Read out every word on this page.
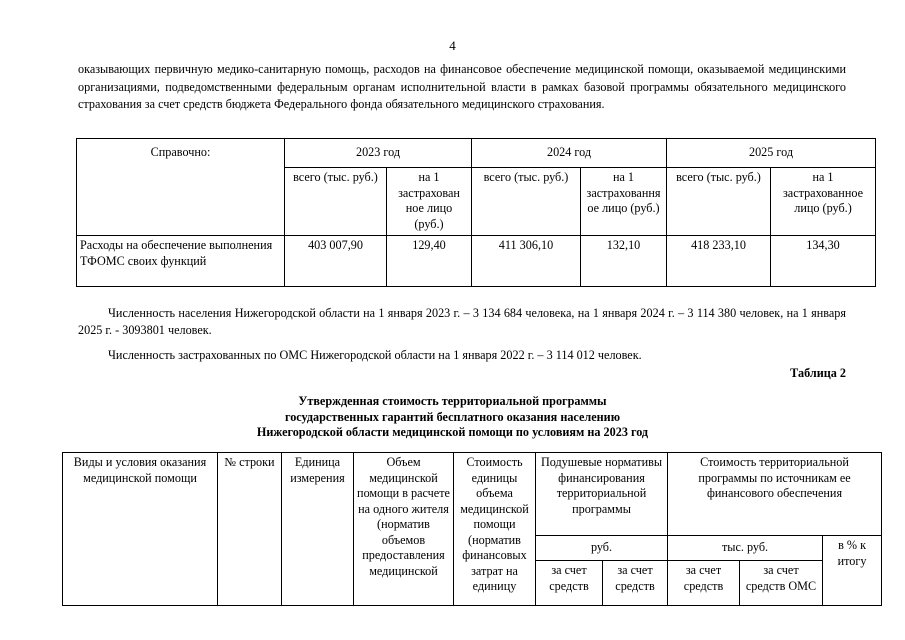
4
оказывающих первичную медико-санитарную помощь, расходов на финансовое обеспечение медицинской помощи, оказываемой медицинскими организациями, подведомственными федеральным органам исполнительной власти в рамках базовой программы обязательного медицинского страхования за счет средств бюджета Федерального фонда обязательного медицинского страхования.
Справочно:	2023 год		2024 год		2025 год	
	всего (тыс. руб.)	на 1 застрахован ное лицо (руб.)	всего (тыс. руб.)	на 1 застраховання ое лицо (руб.)	всего (тыс. руб.)	на 1 застрахованное лицо (руб.)
Расходы на обеспечение выполнения ТФОМС своих функций	403 007,90	129,40	411 306,10	132,10	418 233,10	134,30
Численность населения Нижегородской области на 1 января 2023 г. – 3 134 684 человека, на 1 января 2024 г. – 3 114 380 человек, на 1 января 2025 г. - 3093801 человек.
Численность застрахованных по ОМС Нижегородской области на 1 января 2022 г. – 3 114 012 человек.
Таблица 2
Утвержденная стоимость территориальной программы
государственных гарантий бесплатного оказания населению
Нижегородской области медицинской помощи по условиям на 2023 год
Виды и условия оказания медицинской помощи	№ строки	Единица измерения	Объем медицинской помощи в расчете на одного жителя (норматив объемов предоставления медицинской	Стоимость единицы объема медицинской помощи (норматив финансовых затрат на единицу	Подушевые нормативы финансирования территориальной программы		Стоимость территориальной программы по источникам ее финансового обеспечения		
					руб.		тыс. руб.		в % к итогу
					за счет средств	за счет средств	за счет средств	за счет средств ОМС	
